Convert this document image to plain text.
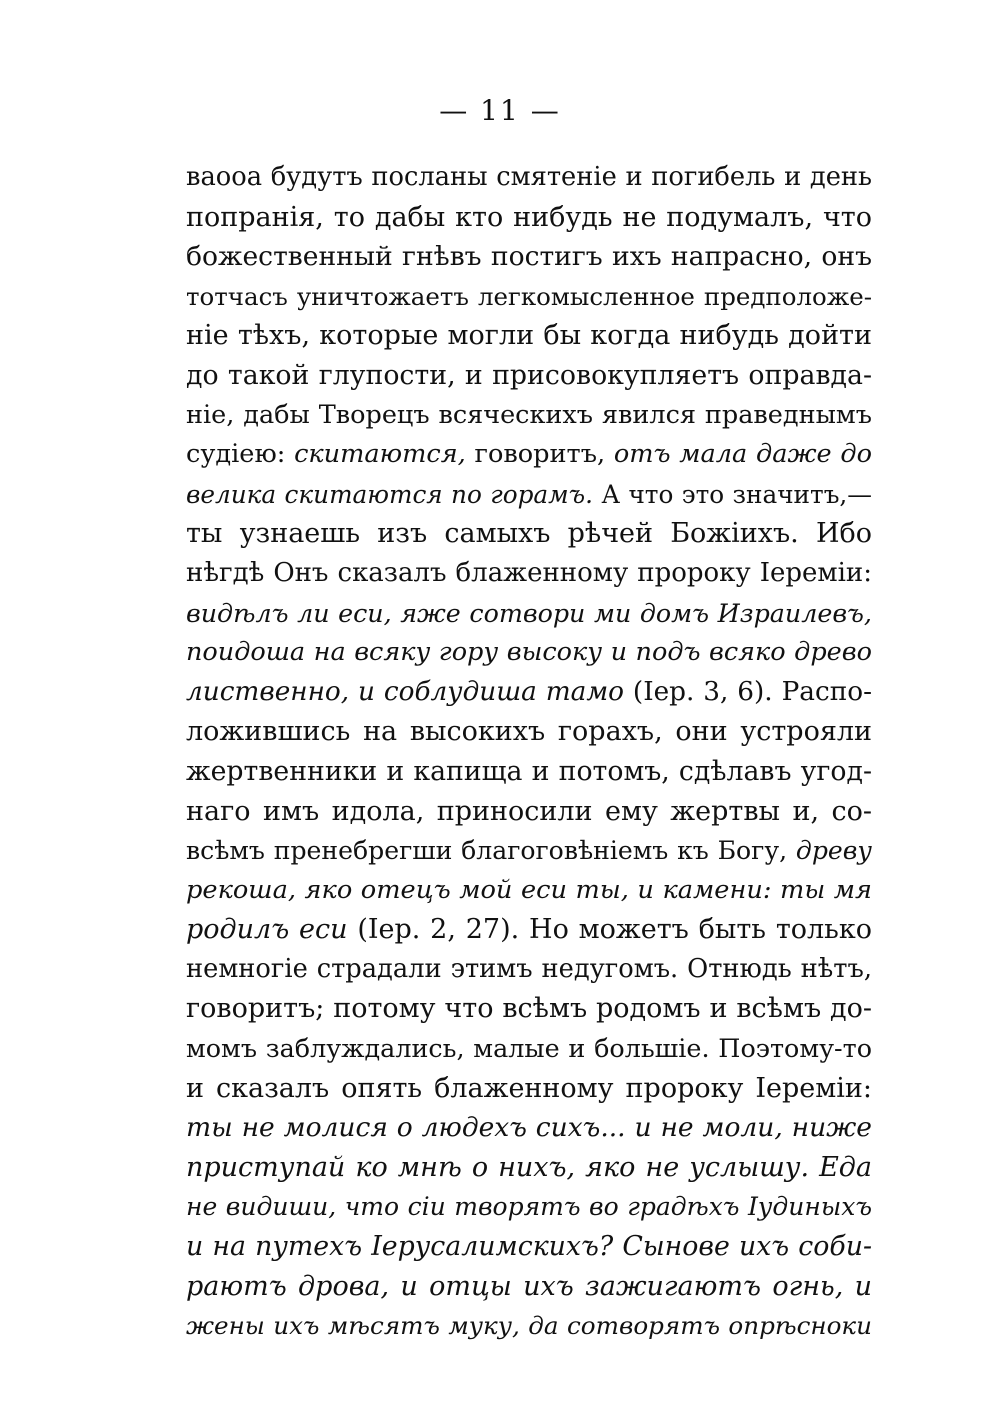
— 11 —
ваооа будутъ посланы смятеніе и погибель и день
попранія, то дабы кто нибудь не подумалъ, что
божественный гнѣвъ постигъ ихъ напрасно, онъ
тотчасъ уничтожаетъ легкомысленное предположе-
ніе тѣхъ, которые могли бы когда нибудь дойти
до такой глупости, и присовокупляетъ оправда-
ніе, дабы Творецъ всяческихъ явился праведнымъ
судіею: скитаются, говоритъ, отъ мала даже до
велика скитаются по горамъ. А что это значитъ,—
ты узнаешь изъ самыхъ рѣчей Божіихъ. Ибо
нѣгдѣ Онъ сказалъ блаженному пророку Іереміи:
видѣлъ ли еси, яже сотвори ми домъ Израилевъ,
поидоша на всяку гору высоку и подъ всяко древо
лиственно, и соблудиша тамо (Іер. 3, 6). Распо-
ложившись на высокихъ горахъ, они устрояли
жертвенники и капища и потомъ, сдѣлавъ угод-
наго имъ идола, приносили ему жертвы и, со-
всѣмъ пренебрегши благоговѣніемъ къ Богу, древу
рекоша, яко отецъ мой еси ты, и камени: ты мя
родилъ еси (Іер. 2, 27). Но можетъ быть только
немногіе страдали этимъ недугомъ. Отнюдь нѣтъ,
говоритъ; потому что всѣмъ родомъ и всѣмъ до-
момъ заблуждались, малые и большіе. Поэтому-то
и сказалъ опять блаженному пророку Іереміи:
ты не молися о людехъ сихъ... и не моли, ниже
приступай ко мнѣ о нихъ, яко не услышу. Еда
не видиши, что сіи творятъ во градѣхъ Іудиныхъ
и на путехъ Іерусалимскихъ? Сынове ихъ соби-
раютъ дрова, и отцы ихъ зажигаютъ огнь, и
жены ихъ мѣсятъ муку, да сотворятъ опрѣсноки
